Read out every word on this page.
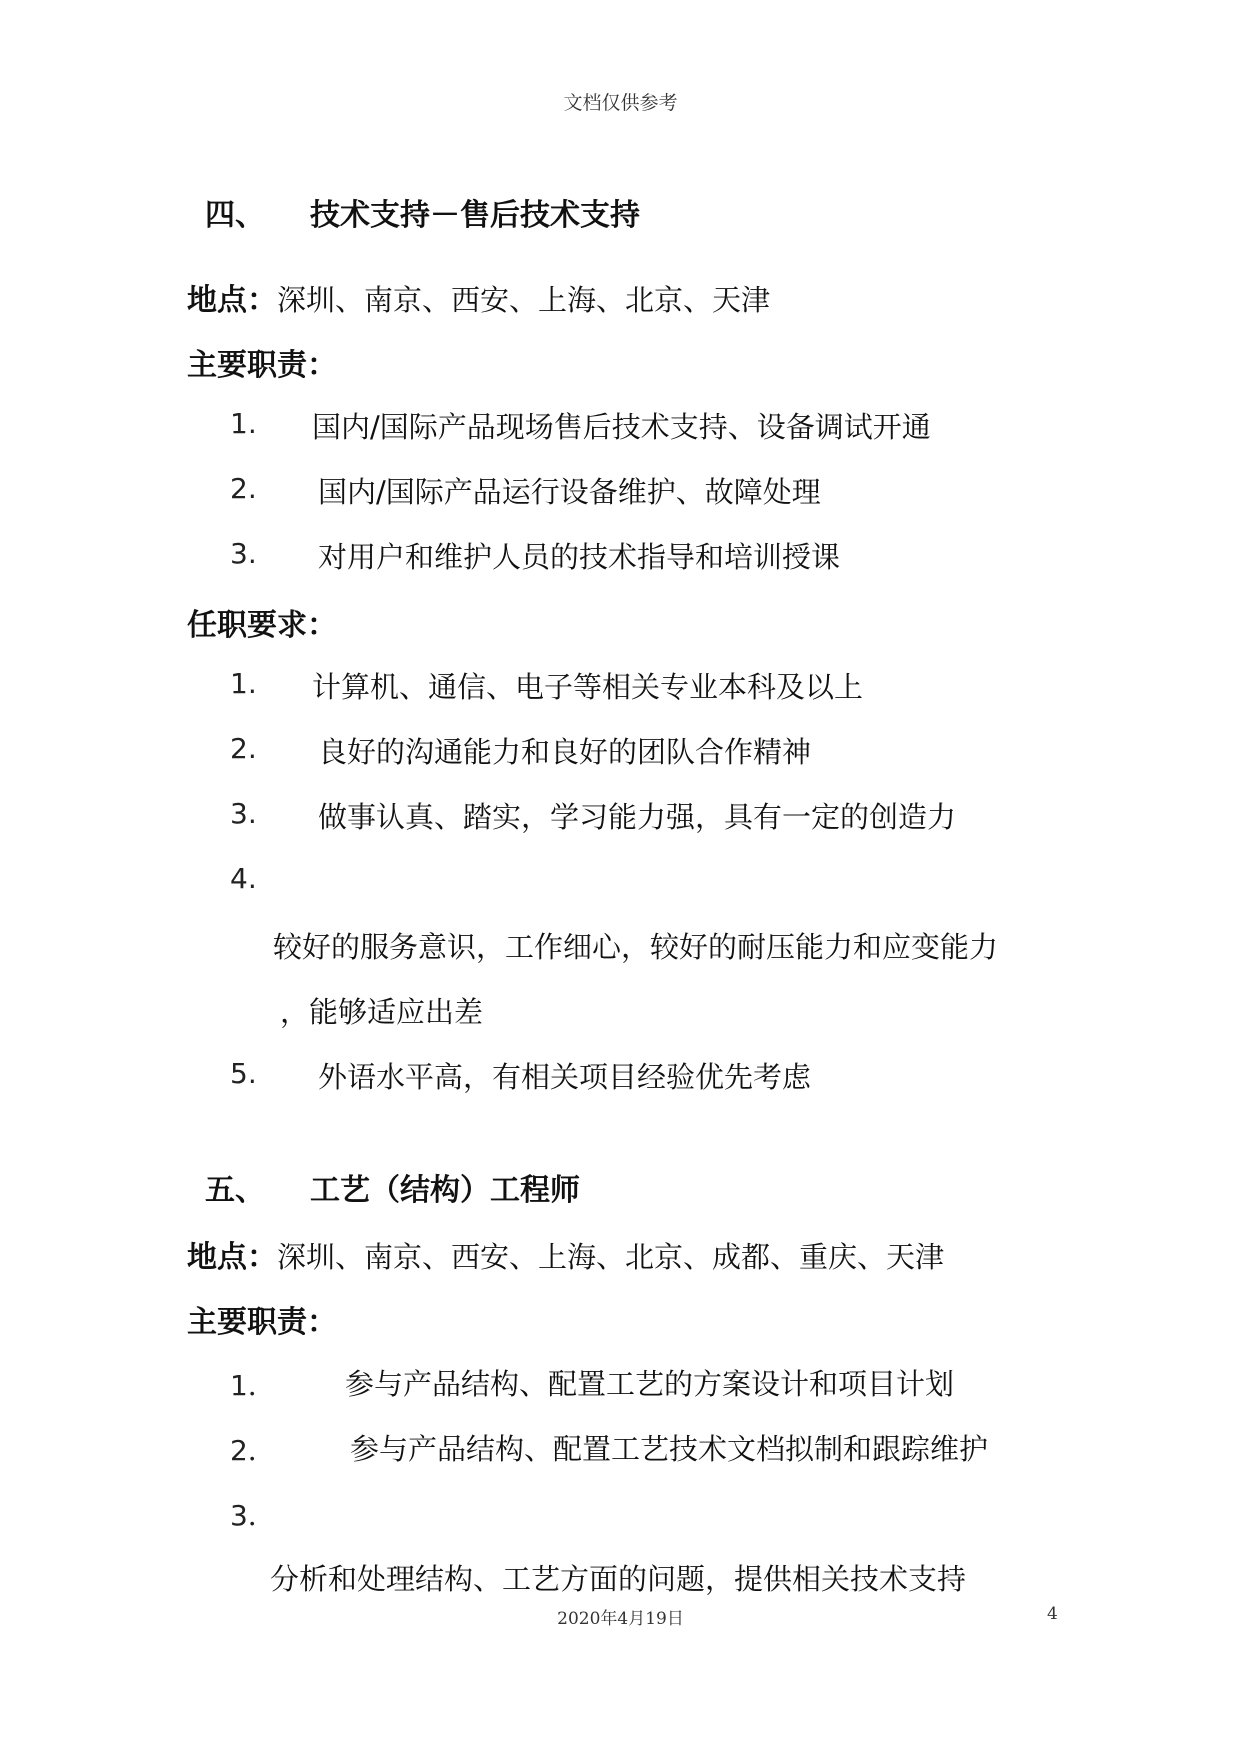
文档仅供参考
四、 技术支持－售后技术支持
地点：深圳、南京、西安、上海、北京、天津
主要职责：
1. 国内/国际产品现场售后技术支持、设备调试开通
2. 国内/国际产品运行设备维护、故障处理
3. 对用户和维护人员的技术指导和培训授课
任职要求：
1. 计算机、通信、电子等相关专业本科及以上
2. 良好的沟通能力和良好的团队合作精神
3. 做事认真、踏实，学习能力强，具有一定的创造力
4.
较好的服务意识，工作细心，较好的耐压能力和应变能力
，能够适应出差
5. 外语水平高，有相关项目经验优先考虑
五、 工艺（结构）工程师
地点：深圳、南京、西安、上海、北京、成都、重庆、天津
主要职责：
1． 参与产品结构、配置工艺的方案设计和项目计划
2．	参与产品结构、配置工艺技术文档拟制和跟踪维护
3．
分析和处理结构、工艺方面的问题，提供相关技术支持
4
2020年4月19日
